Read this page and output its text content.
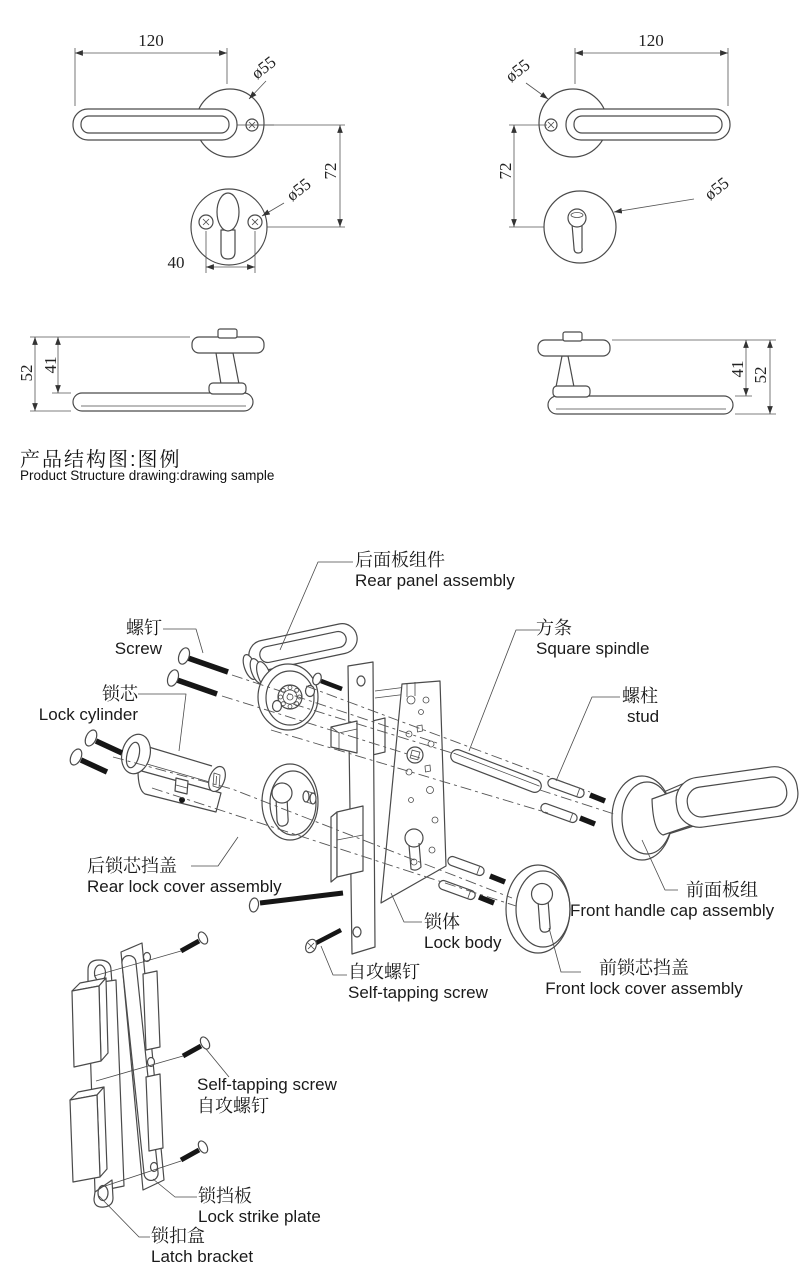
120
ø55
72
ø55
40
120
ø55
72
ø55
52 41	41 52
产品结构图:图例
Product Structure drawing:drawing sample
后面板组件
Rear panel assembly
螺钉
Screw
锁芯
Lock cylinder
方条
Square spindle
螺柱
stud
后锁芯挡盖
Rear lock cover assembly
锁体
Lock body
自攻螺钉
Self-tapping screw
前面板组
Front handle cap assembly
前锁芯挡盖
Front lock cover assembly
Self-tapping screw
自攻螺钉
锁挡板
Lock strike plate
锁扣盒
Latch bracket
